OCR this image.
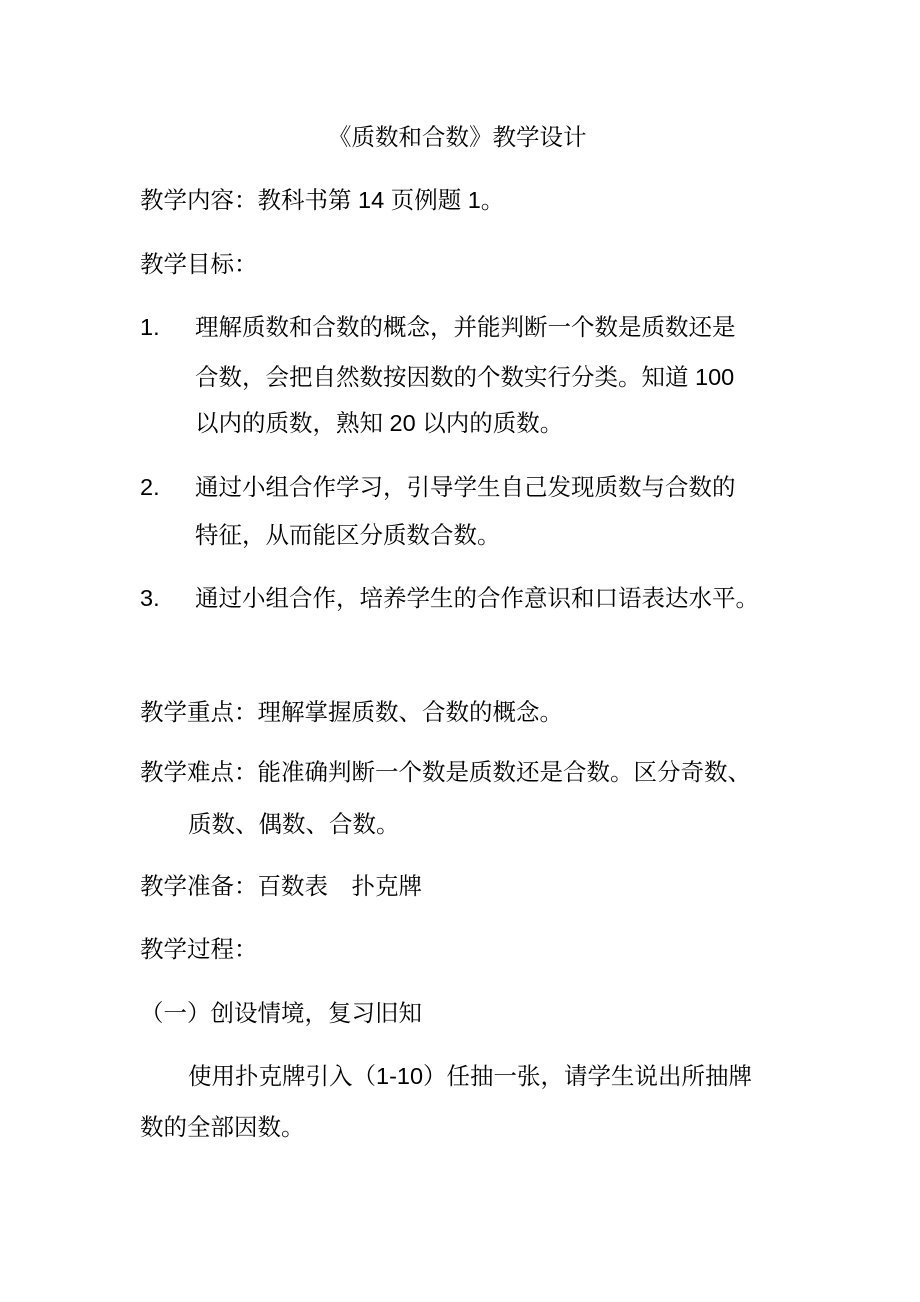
《质数和合数》教学设计
教学内容：教科书第 14 页例题 1。
教学目标：
1. 理解质数和合数的概念，并能判断一个数是质数还是
合数，会把自然数按因数的个数实行分类。知道 100
以内的质数，熟知 20 以内的质数。
2. 通过小组合作学习，引导学生自己发现质数与合数的
特征，从而能区分质数合数。
3. 通过小组合作，培养学生的合作意识和口语表达水平。
教学重点：理解掌握质数、合数的概念。
教学难点：能准确判断一个数是质数还是合数。区分奇数、
质数、偶数、合数。
教学准备：百数表　扑克牌
教学过程：
（一）创设情境，复习旧知
使用扑克牌引入（1-10）任抽一张，请学生说出所抽牌
数的全部因数。
